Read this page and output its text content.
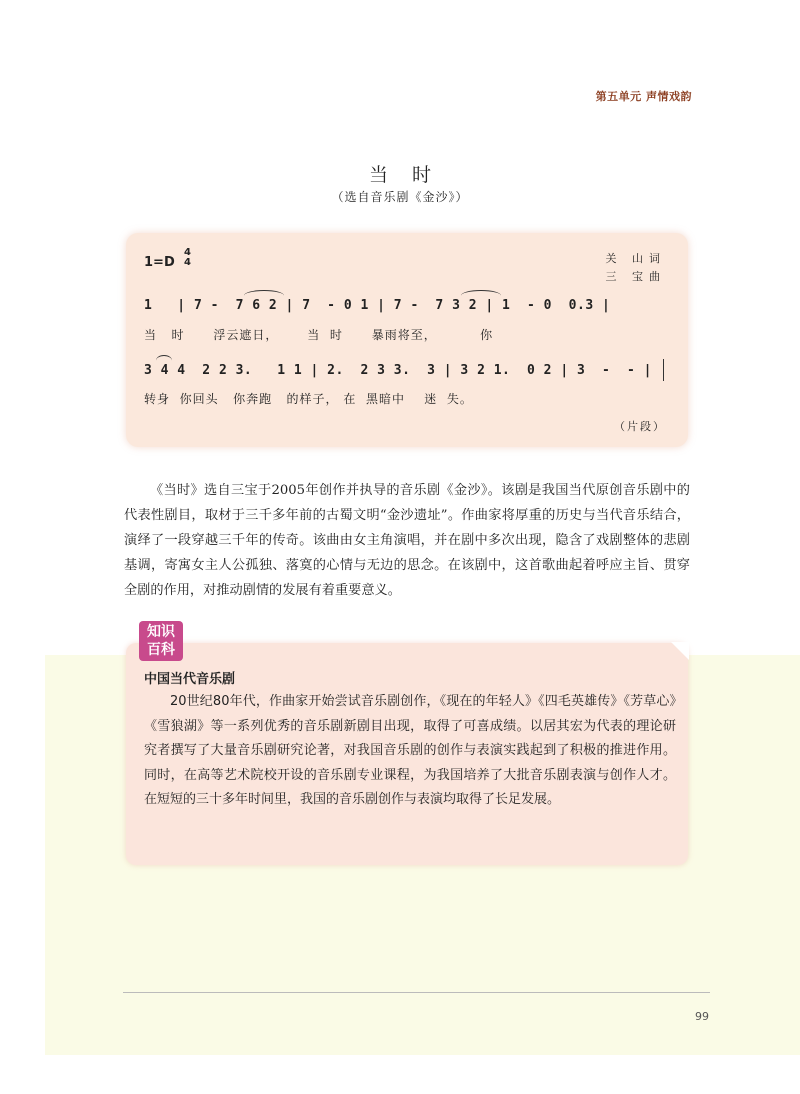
第五单元 声情戏韵
当时
（选自音乐剧《金沙》）
1=D
4
4	关 山词
三 宝曲
1   | 7 -  7 6 2 | 7  - 0 1 | 7 -  7 3 2 | 1  - 0  0.3 |
当   时      浮云遮日，      当  时      暴雨将至，         你
3 4 4  2 2 3.   1 1 | 2.  2 3 3.  3 | 3 2 1.  0 2 | 3  -  - |
转身  你回头   你奔跑   的样子， 在  黑暗中    迷  失。
（片段）
《当时》选自三宝于2005年创作并执导的音乐剧《金沙》。该剧是我国当代原创音乐剧中的代表性剧目，取材于三千多年前的古蜀文明“金沙遗址”。作曲家将厚重的历史与当代音乐结合，演绎了一段穿越三千年的传奇。该曲由女主角演唱，并在剧中多次出现，隐含了戏剧整体的悲剧基调，寄寓女主人公孤独、落寞的心情与无边的思念。在该剧中，这首歌曲起着呼应主旨、贯穿全剧的作用，对推动剧情的发展有着重要意义。
知识
百科
中国当代音乐剧
20世纪80年代，作曲家开始尝试音乐剧创作，《现在的年轻人》《四毛英雄传》《芳草心》《雪狼湖》等一系列优秀的音乐剧新剧目出现，取得了可喜成绩。以居其宏为代表的理论研究者撰写了大量音乐剧研究论著，对我国音乐剧的创作与表演实践起到了积极的推进作用。同时，在高等艺术院校开设的音乐剧专业课程，为我国培养了大批音乐剧表演与创作人才。在短短的三十多年时间里，我国的音乐剧创作与表演均取得了长足发展。
99
